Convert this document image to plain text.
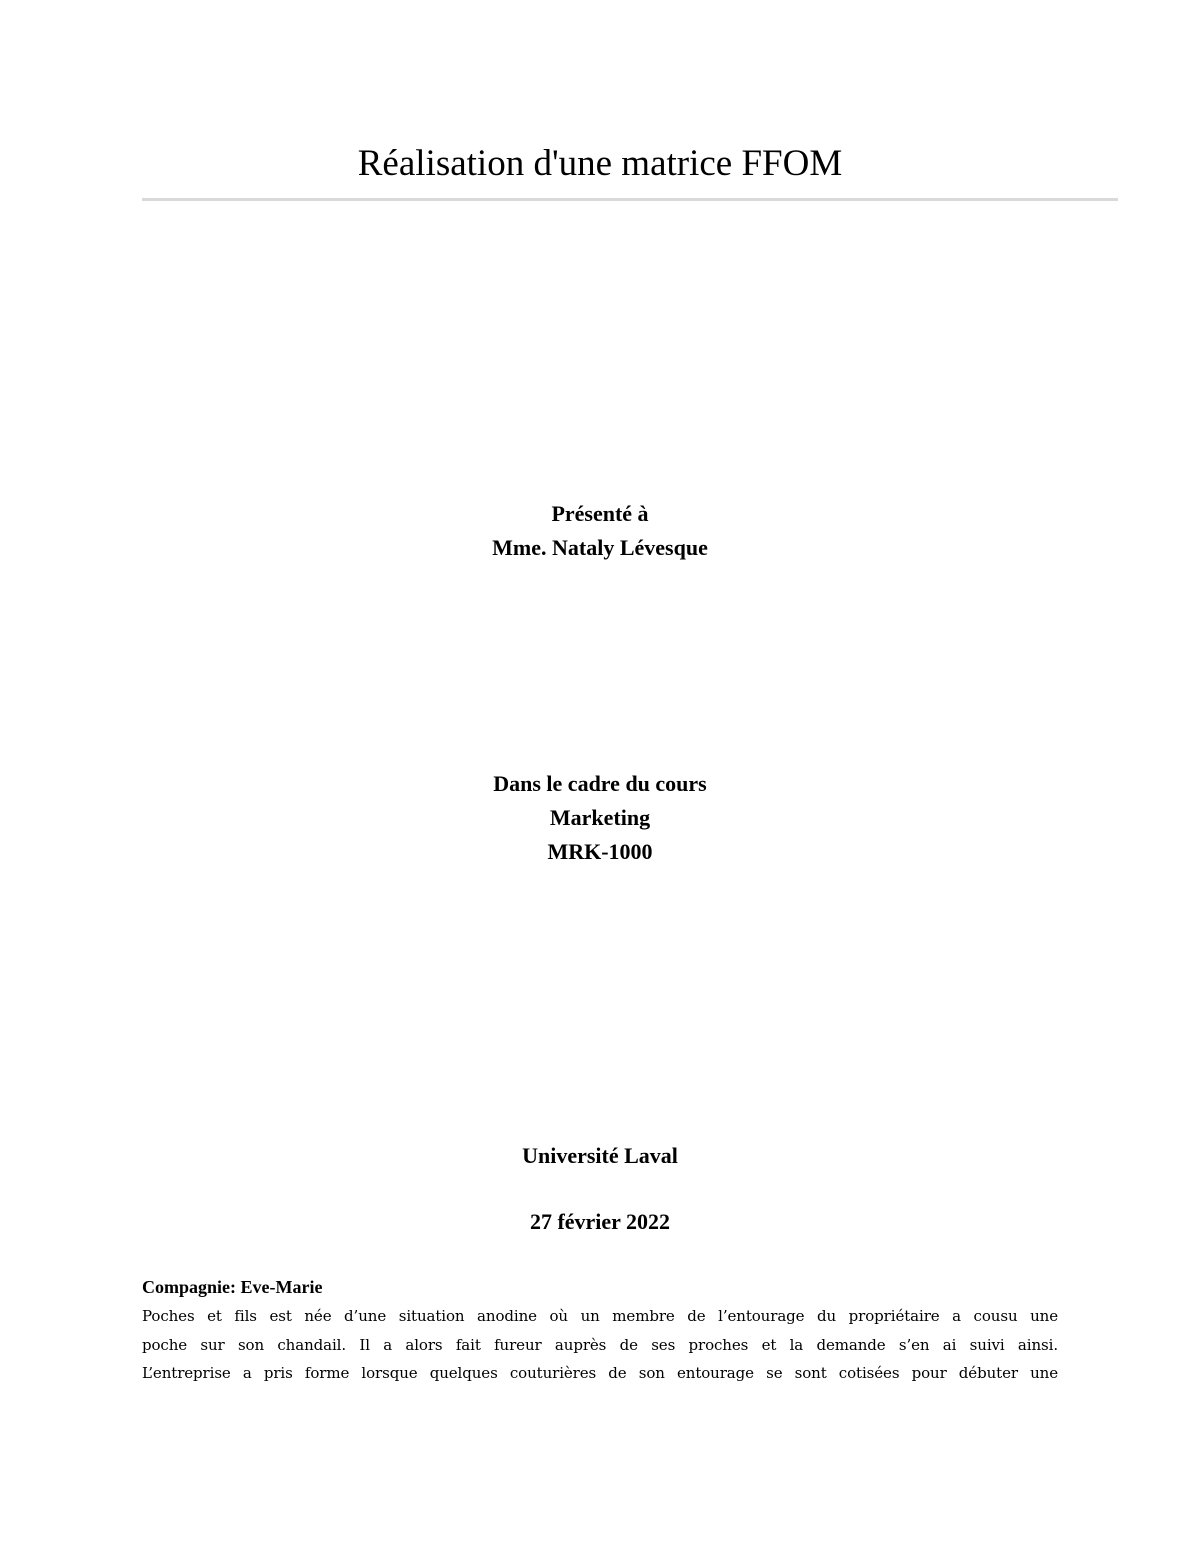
Réalisation d'une matrice FFOM
Présenté à
Mme. Nataly Lévesque
Dans le cadre du cours
Marketing
MRK-1000
Université Laval
27 février 2022
Compagnie: Eve-Marie
Poches et fils est née d’une situation anodine où un membre de l’entourage du propriétaire a cousu une
poche sur son chandail. Il a alors fait fureur auprès de ses proches et la demande s’en ai suivi ainsi.
L’entreprise a pris forme lorsque quelques couturières de son entourage se sont cotisées pour débuter une
